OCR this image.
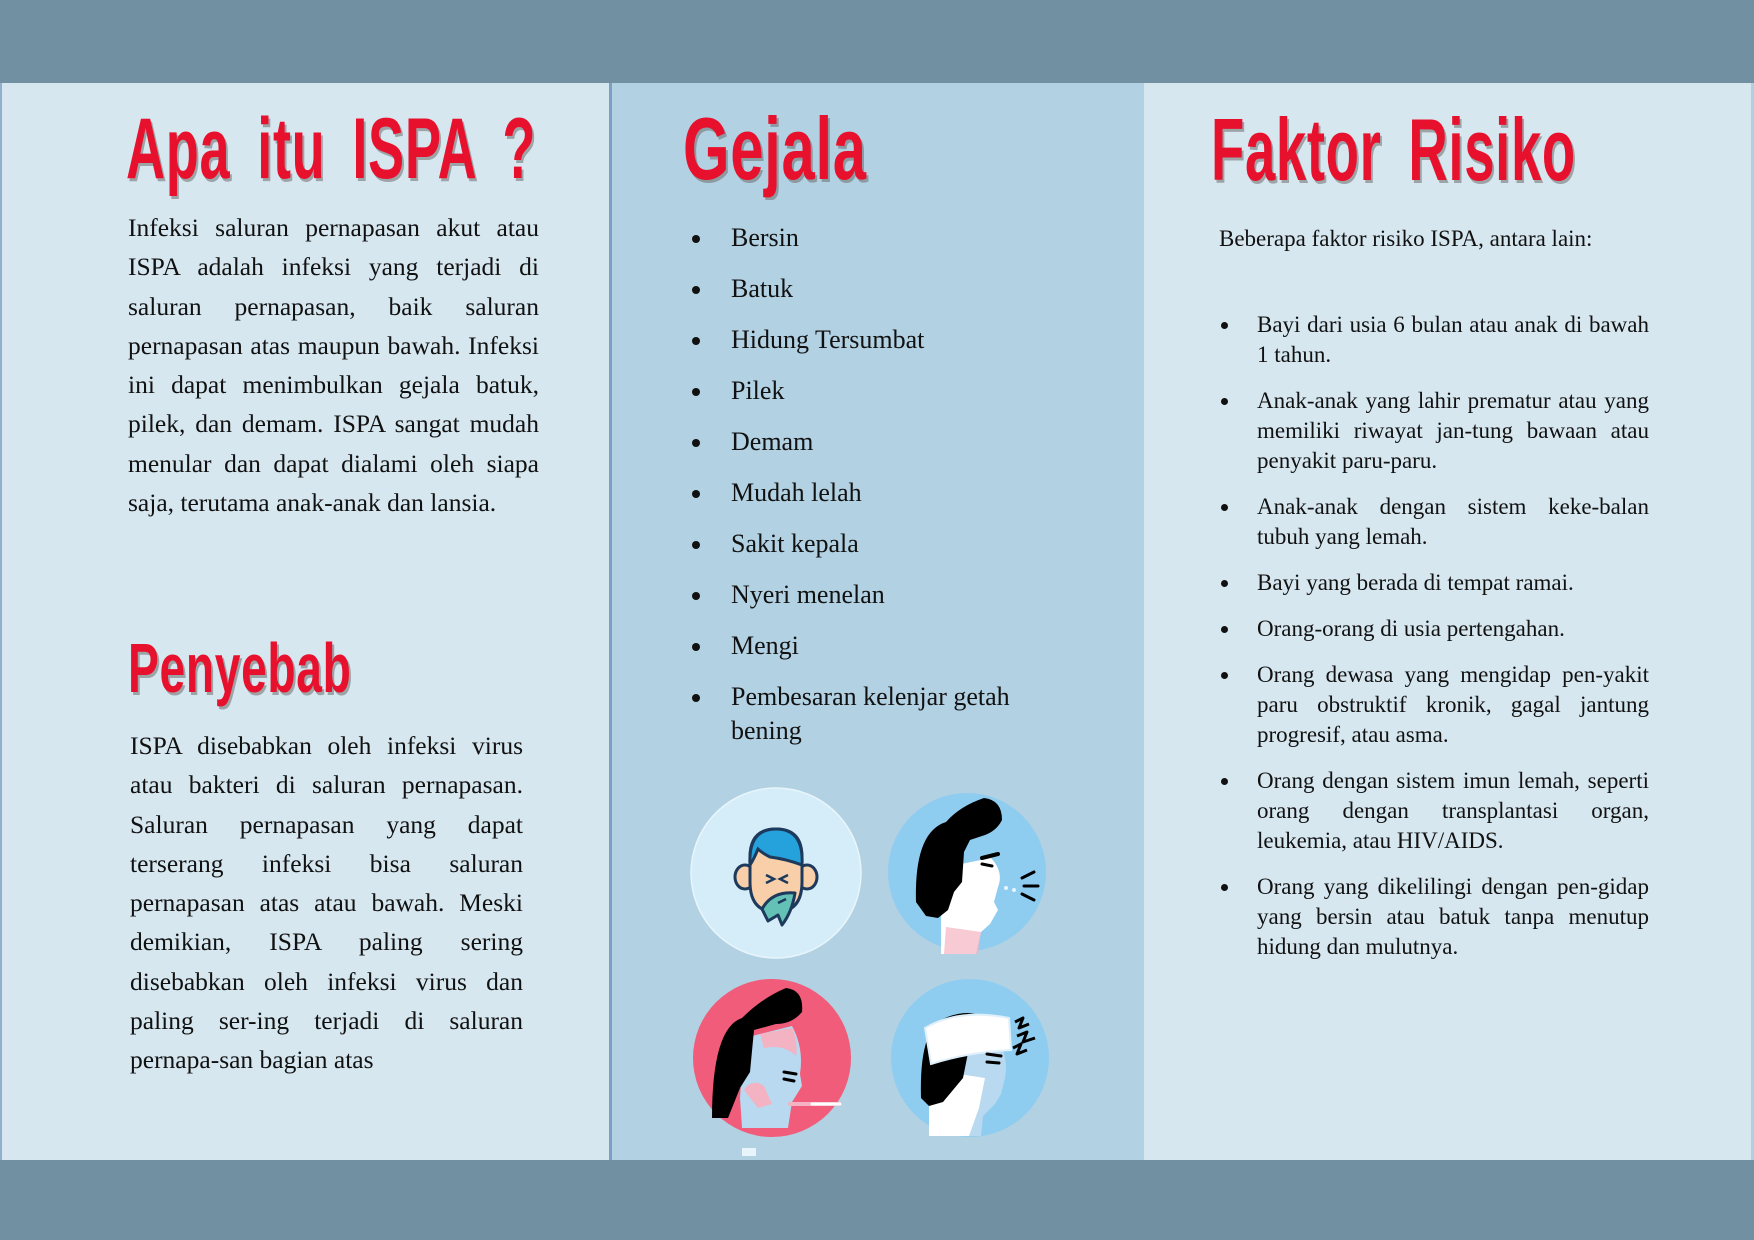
Apa itu ISPA ?

Infeksi saluran pernapasan akut atau ISPA adalah infeksi yang terjadi di saluran pernapasan, baik saluran pernapasan atas maupun bawah. Infeksi ini dapat menimbulkan gejala batuk, pilek, dan demam. ISPA sangat mudah menular dan dapat dialami oleh siapa saja, terutama anak-anak dan lansia.

Penyebab

ISPA disebabkan oleh infeksi virus atau bakteri di saluran pernapasan. Saluran pernapasan yang dapat terserang infeksi bisa saluran pernapasan atas atau bawah. Meski demikian, ISPA paling sering disebabkan oleh infeksi virus dan paling ser-ing terjadi di saluran pernapa-san bagian atas

Gejala
Bersin
Batuk
Hidung Tersumbat
Pilek
Demam
Mudah lelah
Sakit kepala
Nyeri menelan
Mengi
Pembesaran kelenjar getah bening
Faktor Risiko

Beberapa faktor risiko ISPA, antara lain:

Bayi dari usia 6 bulan atau anak di bawah 1 tahun.
Anak-anak yang lahir prematur atau yang memiliki riwayat jan-tung bawaan atau penyakit paru-paru.
Anak-anak dengan sistem keke-balan tubuh yang lemah.
Bayi yang berada di tempat ramai.
Orang-orang di usia pertengahan.
Orang dewasa yang mengidap pen-yakit paru obstruktif kronik, gagal jantung progresif, atau asma.
Orang dengan sistem imun lemah, seperti orang dengan transplantasi organ, leukemia, atau HIV/AIDS.
Orang yang dikelilingi dengan pen-gidap yang bersin atau batuk tanpa menutup hidung dan mulutnya.
